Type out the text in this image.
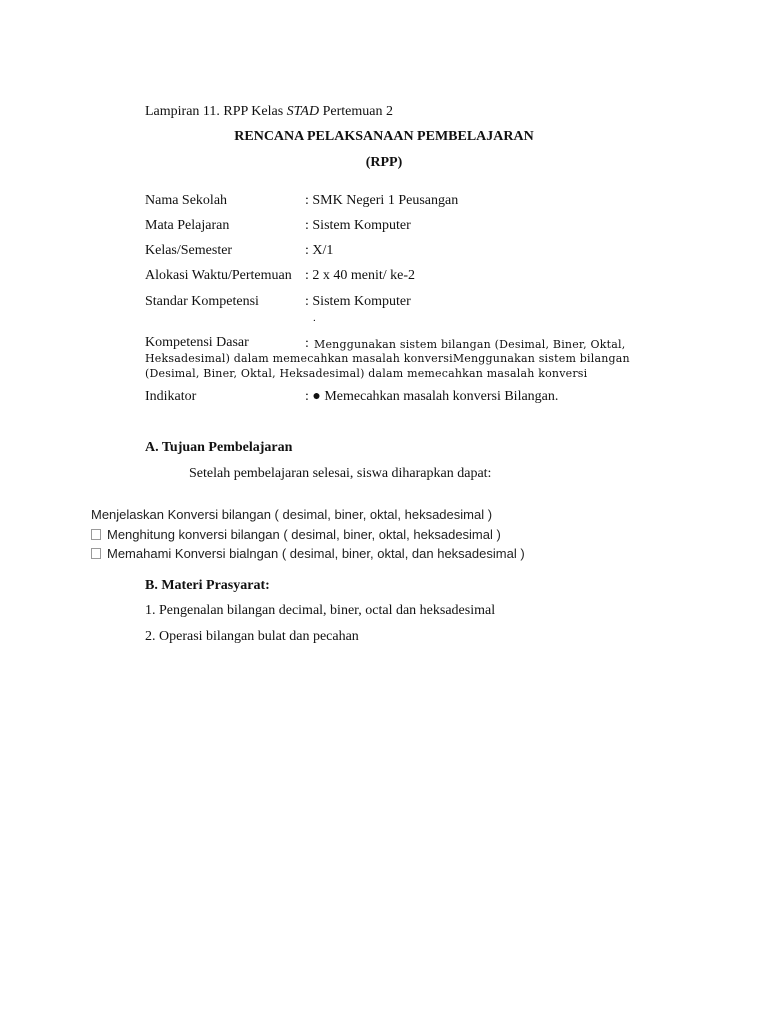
Lampiran 11. RPP Kelas STAD Pertemuan 2
RENCANA PELAKSANAAN PEMBELAJARAN
(RPP)
Nama Sekolah	: SMK Negeri 1 Peusangan
Mata Pelajaran	: Sistem Komputer
Kelas/Semester	: X/1
Alokasi Waktu/Pertemuan : 2 x 40 menit/ ke-2
Standar Kompetensi	: Sistem Komputer
.
Kompetensi Dasar	: Menggunakan sistem bilangan (Desimal, Biner, Oktal,
Heksadesimal) dalam memecahkan masalah konversiMenggunakan sistem bilangan
(Desimal, Biner, Oktal, Heksadesimal) dalam memecahkan masalah konversi
Indikator	: ● Memecahkan masalah konversi Bilangan.
A. Tujuan Pembelajaran
Setelah pembelajaran selesai, siswa diharapkan dapat:
Menjelaskan Konversi bilangan ( desimal, biner, oktal, heksadesimal )
Menghitung konversi bilangan ( desimal, biner, oktal, heksadesimal )
Memahami Konversi bialngan ( desimal, biner, oktal, dan heksadesimal )
B. Materi Prasyarat:
1. Pengenalan bilangan decimal, biner, octal dan heksadesimal
2. Operasi bilangan bulat dan pecahan
